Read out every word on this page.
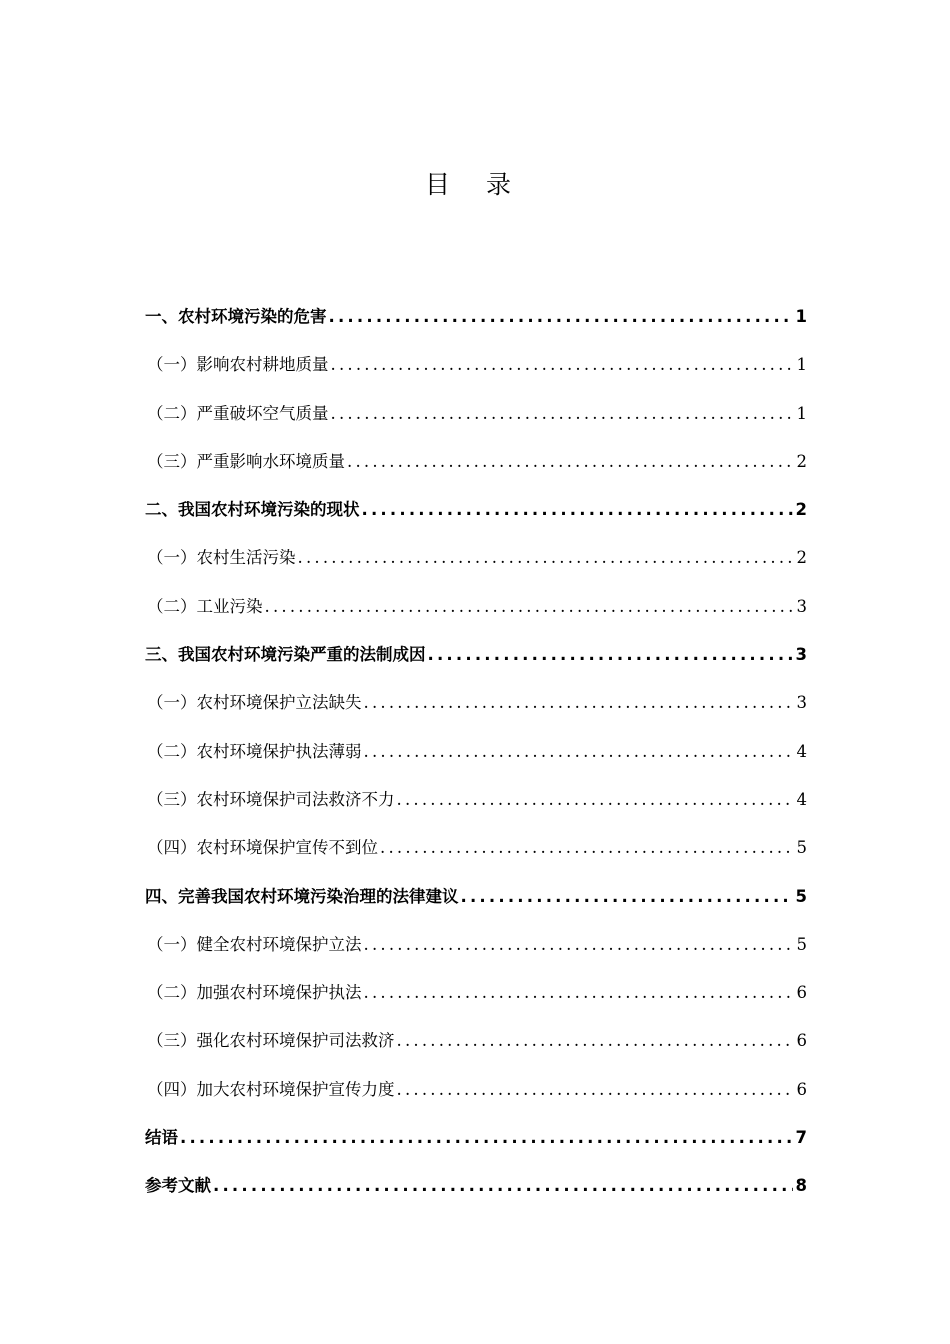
目 录
一、农村环境污染的危害 .....	1
（一）影响农村耕地质量 .....	1
（二）严重破坏空气质量 .....	1
（三）严重影响水环境质量 .....	2
二、我国农村环境污染的现状 .....	2
（一）农村生活污染 .....	2
（二）工业污染 .....	3
三、我国农村环境污染严重的法制成因 .....	3
（一）农村环境保护立法缺失 .....	3
（二）农村环境保护执法薄弱 .....	4
（三）农村环境保护司法救济不力 .....	4
（四）农村环境保护宣传不到位 .....	5
四、完善我国农村环境污染治理的法律建议 .....	5
（一）健全农村环境保护立法 .....	5
（二）加强农村环境保护执法 .....	6
（三）强化农村环境保护司法救济 .....	6
（四）加大农村环境保护宣传力度 .....	6
结语 .....	7
参考文献 .....	8
